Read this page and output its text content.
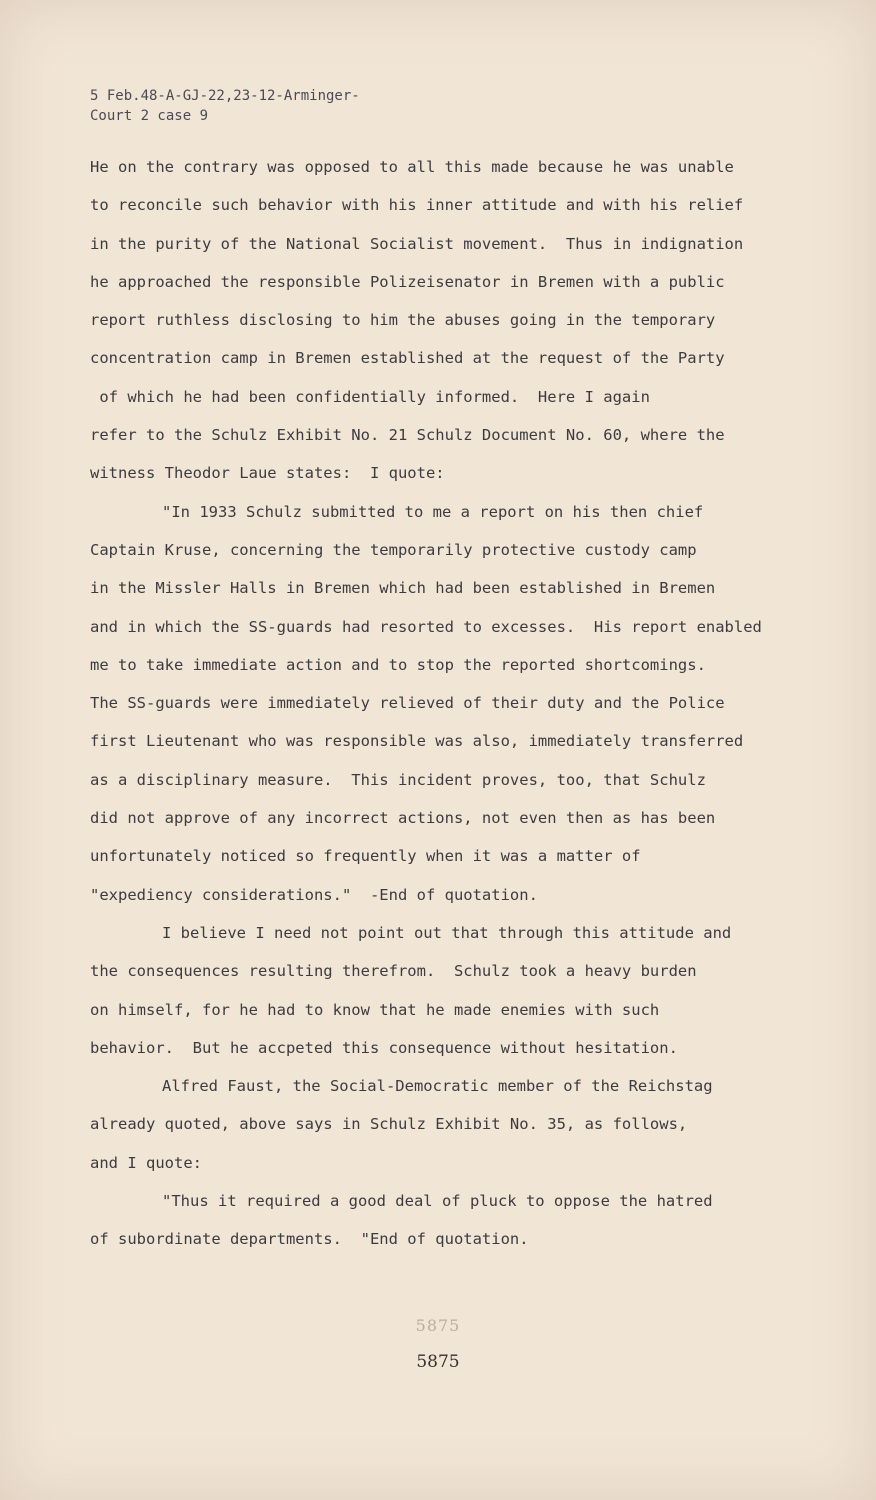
5 Feb.48-A-GJ-22,23-12-Arminger-
Court 2 case 9
He on the contrary was opposed to all this made because he was unable
to reconcile such behavior with his inner attitude and with his relief
in the purity of the National Socialist movement.  Thus in indignation
he approached the responsible Polizeisenator in Bremen with a public
report ruthless disclosing to him the abuses going in the temporary
concentration camp in Bremen established at the request of the Party
of which he had been confidentially informed.  Here I again
refer to the Schulz Exhibit No. 21 Schulz Document No. 60, where the
witness Theodor Laue states:  I quote:
"In 1933 Schulz submitted to me a report on his then chief
Captain Kruse, concerning the temporarily protective custody camp
in the Missler Halls in Bremen which had been established in Bremen
and in which the SS-guards had resorted to excesses.  His report enabled
me to take immediate action and to stop the reported shortcomings.
The SS-guards were immediately relieved of their duty and the Police
first Lieutenant who was responsible was also, immediately transferred
as a disciplinary measure.  This incident proves, too, that Schulz
did not approve of any incorrect actions, not even then as has been
unfortunately noticed so frequently when it was a matter of
"expediency considerations."  -End of quotation.
I believe I need not point out that through this attitude and
the consequences resulting therefrom.  Schulz took a heavy burden
on himself, for he had to know that he made enemies with such
behavior.  But he accpeted this consequence without hesitation.
Alfred Faust, the Social-Democratic member of the Reichstag
already quoted, above says in Schulz Exhibit No. 35, as follows,
and I quote:
"Thus it required a good deal of pluck to oppose the hatred
of subordinate departments.  "End of quotation.
5875
5875
